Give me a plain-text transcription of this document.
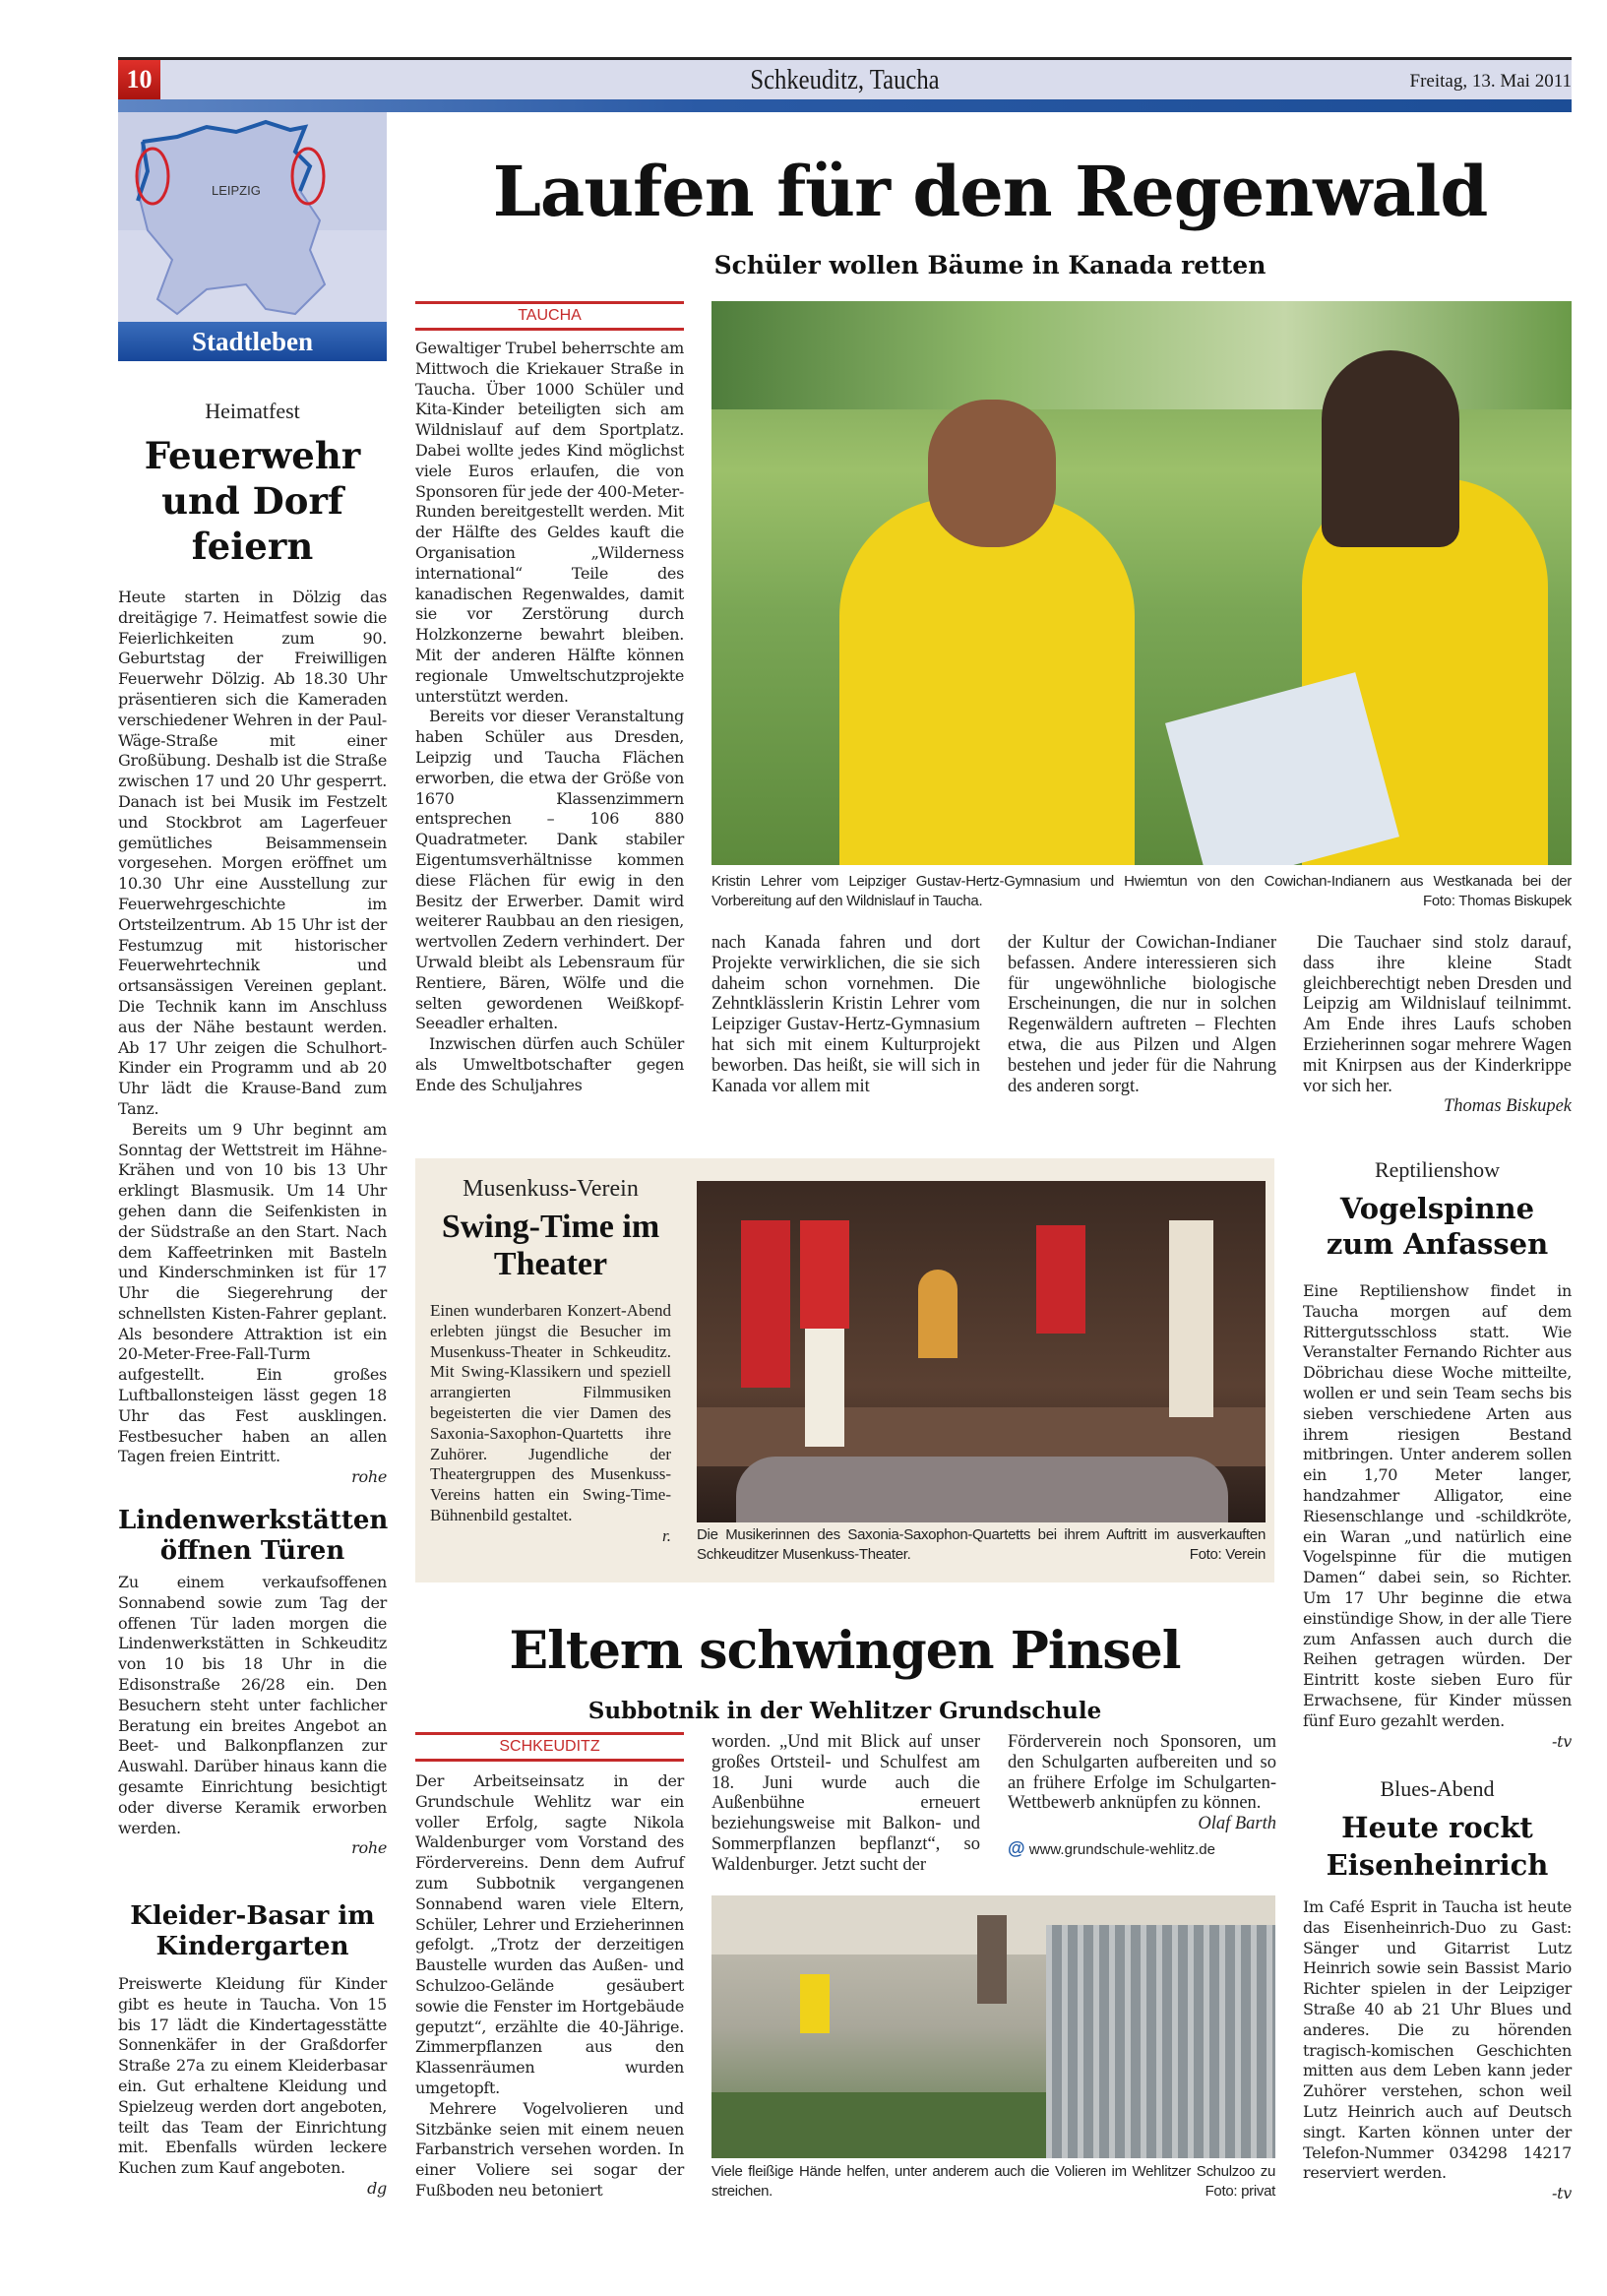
Schkeuditz, Taucha
10	Freitag, 13. Mai 2011
LEIPZIG
Stadtleben
Heimatfest
Feuerwehr und Dorf feiern

Heute starten in Dölzig das dreitägige 7. Heimatfest sowie die Feierlichkeiten zum 90. Geburtstag der Freiwilligen Feuerwehr Dölzig. Ab 18.30 Uhr präsentieren sich die Kameraden verschiedener Wehren in der Paul-Wäge-Straße mit einer Großübung. Deshalb ist die Straße zwischen 17 und 20 Uhr gesperrt. Danach ist bei Musik im Festzelt und Stockbrot am Lagerfeuer gemütliches Beisammensein vorgesehen. Morgen eröffnet um 10.30 Uhr eine Ausstellung zur Feuerwehrgeschichte im Ortsteilzentrum. Ab 15 Uhr ist der Festumzug mit historischer Feuerwehrtechnik und ortsansässigen Vereinen geplant. Die Technik kann im Anschluss aus der Nähe bestaunt werden. Ab 17 Uhr zeigen die Schulhort-Kinder ein Programm und ab 20 Uhr lädt die Krause-Band zum Tanz.

Bereits um 9 Uhr beginnt am Sonntag der Wettstreit im Hähne-Krähen und von 10 bis 13 Uhr erklingt Blasmusik. Um 14 Uhr gehen dann die Seifenkisten in der Südstraße an den Start. Nach dem Kaffeetrinken mit Basteln und Kinderschminken ist für 17 Uhr die Siegerehrung der schnellsten Kisten-Fahrer geplant. Als besondere Attraktion ist ein 20-Meter-Free-Fall-Turm aufgestellt. Ein großes Luftballonsteigen lässt gegen 18 Uhr das Fest ausklingen. Festbesucher haben an allen Tagen freien Eintritt.

rohe
Lindenwerkstätten öffnen Türen

Zu einem verkaufsoffenen Sonnabend sowie zum Tag der offenen Tür laden morgen die Lindenwerkstätten in Schkeuditz von 10 bis 18 Uhr in die Edisonstraße 26/28 ein. Den Besuchern steht unter fachlicher Beratung ein breites Angebot an Beet- und Balkonpflanzen zur Auswahl. Darüber hinaus kann die gesamte Einrichtung besichtigt oder diverse Keramik erworben werden.

rohe
Kleider-Basar im Kindergarten

Preiswerte Kleidung für Kinder gibt es heute in Taucha. Von 15 bis 17 lädt die Kindertagesstätte Sonnenkäfer in der Graßdorfer Straße 27a zu einem Kleiderbasar ein. Gut erhaltene Kleidung und Spielzeug werden dort angeboten, teilt das Team der Einrichtung mit. Ebenfalls würden leckere Kuchen zum Kauf angeboten.

dg
Laufen für den Regenwald
Schüler wollen Bäume in Kanada retten
TAUCHA

Gewaltiger Trubel beherrschte am Mittwoch die Kriekauer Straße in Taucha. Über 1000 Schüler und Kita-Kinder beteiligten sich am Wildnislauf auf dem Sportplatz. Dabei wollte jedes Kind möglichst viele Euros erlaufen, die von Sponsoren für jede der 400-Meter-Runden bereitgestellt werden. Mit der Hälfte des Geldes kauft die Organisation „Wilderness international“ Teile des kanadischen Regenwaldes, damit sie vor Zerstörung durch Holzkonzerne bewahrt bleiben. Mit der anderen Hälfte können regionale Umweltschutzprojekte unterstützt werden.

Bereits vor dieser Veranstaltung haben Schüler aus Dresden, Leipzig und Taucha Flächen erworben, die etwa der Größe von 1670 Klassenzimmern entsprechen – 106 880 Quadratmeter. Dank stabiler Eigentumsverhältnisse kommen diese Flächen für ewig in den Besitz der Erwerber. Damit wird weiterer Raubbau an den riesigen, wertvollen Zedern verhindert. Der Urwald bleibt als Lebensraum für Rentiere, Bären, Wölfe und die selten gewordenen Weißkopf-Seeadler erhalten.

Inzwischen dürfen auch Schüler als Umweltbotschafter gegen Ende des Schuljahres

Kristin Lehrer vom Leipziger Gustav-Hertz-Gymnasium und Hwiemtun von den Cowichan-Indianern aus Westkanada bei der Vorbereitung auf den Wildnislauf in Taucha.	Foto: Thomas Biskupek

nach Kanada fahren und dort Projekte verwirklichen, die sie sich daheim schon vornehmen. Die Zehntklässlerin Kristin Lehrer vom Leipziger Gustav-Hertz-Gymnasium hat sich mit einem Kulturprojekt beworben. Das heißt, sie will sich in Kanada vor allem mit

der Kultur der Cowichan-Indianer befassen. Andere interessieren sich für ungewöhnliche biologische Erscheinungen, die nur in solchen Regenwäldern auftreten – Flechten etwa, die aus Pilzen und Algen bestehen und jeder für die Nahrung des anderen sorgt.

Die Tauchaer sind stolz darauf, dass ihre kleine Stadt gleichberechtigt neben Dresden und Leipzig am Wildnislauf teilnimmt. Am Ende ihres Laufs schoben Erzieherinnen sogar mehrere Wagen mit Knirpsen aus der Kinderkrippe vor sich her.

Thomas Biskupek
Musenkuss-Verein
Swing-Time im Theater

Einen wunderbaren Konzert-Abend erlebten jüngst die Besucher im Musenkuss-Theater in Schkeuditz. Mit Swing-Klassikern und speziell arrangierten Filmmusiken begeisterten die vier Damen des Saxonia-Saxophon-Quartetts ihre Zuhörer. Jugendliche der Theatergruppen des Musenkuss-Vereins hatten ein Swing-Time-Bühnenbild gestaltet.

r. Die Musikerinnen des Saxonia-Saxophon-Quartetts bei ihrem Auftritt im ausverkauften Schkeuditzer Musenkuss-Theater.	Foto: Verein
Eltern schwingen Pinsel
Subbotnik in der Wehlitzer Grundschule
SCHKEUDITZ

Der Arbeitseinsatz in der Grundschule Wehlitz war ein voller Erfolg, sagte Nikola Waldenburger vom Vorstand des Fördervereins. Denn dem Aufruf zum Subbotnik vergangenen Sonnabend waren viele Eltern, Schüler, Lehrer und Erzieherinnen gefolgt. „Trotz der derzeitigen Baustelle wurden das Außen- und Schulzoo-Gelände gesäubert sowie die Fenster im Hortgebäude geputzt“, erzählte die 40-Jährige. Zimmerpflanzen aus den Klassenräumen wurden umgetopft.

Mehrere Vogelvolieren und Sitzbänke seien mit einem neuen Farbanstrich versehen worden. In einer Voliere sei sogar der Fußboden neu betoniert

worden. „Und mit Blick auf unser großes Ortsteil- und Schulfest am 18. Juni wurde auch die Außenbühne erneuert beziehungsweise mit Balkon- und Sommerpflanzen bepflanzt“, so Waldenburger. Jetzt sucht der

Förderverein noch Sponsoren, um den Schulgarten aufbereiten und so an frühere Erfolge im Schulgarten-Wettbewerb anknüpfen zu können.

Olaf Barth
@ www.grundschule-wehlitz.de
Viele fleißige Hände helfen, unter anderem auch die Volieren im Wehlitzer Schulzoo zu streichen.	Foto: privat
Reptilienshow
Vogelspinne zum Anfassen

Eine Reptilienshow findet in Taucha morgen auf dem Rittergutsschloss statt. Wie Veranstalter Fernando Richter aus Döbrichau diese Woche mitteilte, wollen er und sein Team sechs bis sieben verschiedene Arten aus ihrem riesigen Bestand mitbringen. Unter anderem sollen ein 1,70 Meter langer, handzahmer Alligator, eine Riesenschlange und -schildkröte, ein Waran „und natürlich eine Vogelspinne für die mutigen Damen“ dabei sein, so Richter. Um 17 Uhr beginne die etwa einstündige Show, in der alle Tiere zum Anfassen auch durch die Reihen getragen würden. Der Eintritt koste sieben Euro für Erwachsene, für Kinder müssen fünf Euro gezahlt werden.

-tv
Blues-Abend
Heute rockt Eisenheinrich

Im Café Esprit in Taucha ist heute das Eisenheinrich-Duo zu Gast: Sänger und Gitarrist Lutz Heinrich sowie sein Bassist Mario Richter spielen in der Leipziger Straße 40 ab 21 Uhr Blues und anderes. Die zu hörenden tragisch-komischen Geschichten mitten aus dem Leben kann jeder Zuhörer verstehen, schon weil Lutz Heinrich auch auf Deutsch singt. Karten können unter der Telefon-Nummer 034298 14217 reserviert werden.

-tv
